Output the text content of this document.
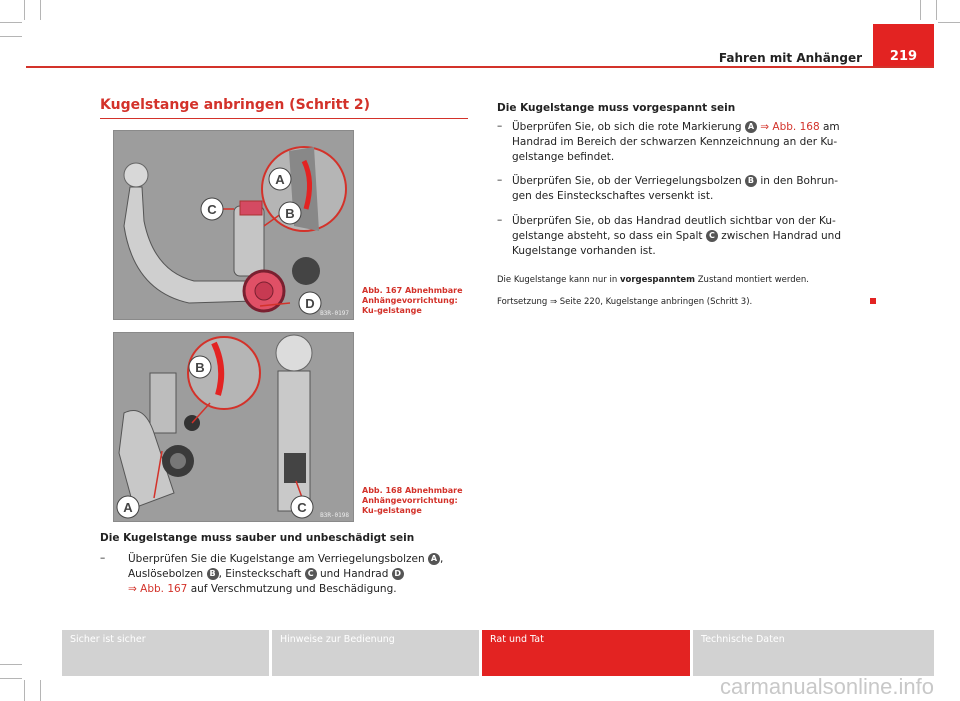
Fahren mit Anhänger	219
Kugelstange anbringen (Schritt 2)
A
B
C
D
B3R-0197
Abb. 167 Abnehmbare Anhängevorrichtung: Ku-gelstange
B
A	C
B3R-0198
Abb. 168 Abnehmbare Anhängevorrichtung: Ku-gelstange
Die Kugelstange muss sauber und unbeschädigt sein
– Überprüfen Sie die Kugelstange am Verriegelungsbolzen A ,
Auslösebolzen B , Einsteckschaft C und Handrad D
⇒ Abb. 167 auf Verschmutzung und Beschädigung.
Die Kugelstange muss vorgespannt sein
– Überprüfen Sie, ob sich die rote Markierung A ⇒ Abb. 168 am
Handrad im Bereich der schwarzen Kennzeichnung an der Ku-
gelstange befindet.
– Überprüfen Sie, ob der Verriegelungsbolzen B in den Bohrun-
gen des Einsteckschaftes versenkt ist.
– Überprüfen Sie, ob das Handrad deutlich sichtbar von der Ku-
gelstange absteht, so dass ein Spalt C zwischen Handrad und
Kugelstange vorhanden ist.
Die Kugelstange kann nur in vorgespanntem Zustand montiert werden.
Fortsetzung ⇒ Seite 220, Kugelstange anbringen (Schritt 3).
Sicher ist sicher	Hinweise zur Bedienung	Rat und Tat	Technische Daten
carmanualsonline.info
